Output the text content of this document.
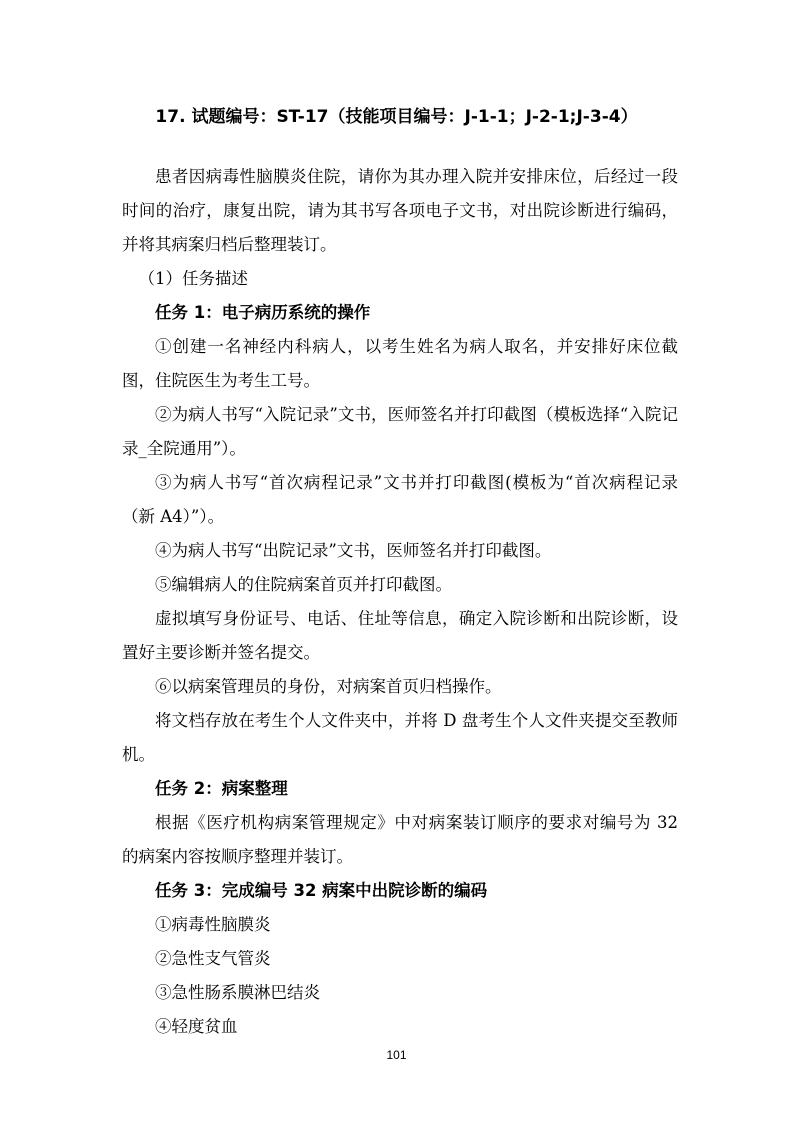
17. 试题编号：ST-17（技能项目编号：J-1-1；J-2-1;J-3-4）

患者因病毒性脑膜炎住院，请你为其办理入院并安排床位，后经过一段时间的治疗，康复出院，请为其书写各项电子文书，对出院诊断进行编码，并将其病案归档后整理装订。

（1）任务描述

任务 1：电子病历系统的操作

①创建一名神经内科病人，以考生姓名为病人取名，并安排好床位截图，住院医生为考生工号。

②为病人书写“入院记录”文书，医师签名并打印截图（模板选择“入院记录_全院通用”）。

③为病人书写“首次病程记录”文书并打印截图(模板为“首次病程记录（新 A4）”）。

④为病人书写“出院记录”文书，医师签名并打印截图。

⑤编辑病人的住院病案首页并打印截图。

虚拟填写身份证号、电话、住址等信息，确定入院诊断和出院诊断，设置好主要诊断并签名提交。

⑥以病案管理员的身份，对病案首页归档操作。

将文档存放在考生个人文件夹中，并将 D 盘考生个人文件夹提交至教师机。

任务 2：病案整理

根据《医疗机构病案管理规定》中对病案装订顺序的要求对编号为 32 的病案内容按顺序整理并装订。

任务 3：完成编号 32 病案中出院诊断的编码

①病毒性脑膜炎

②急性支气管炎

③急性肠系膜淋巴结炎

④轻度贫血

101
